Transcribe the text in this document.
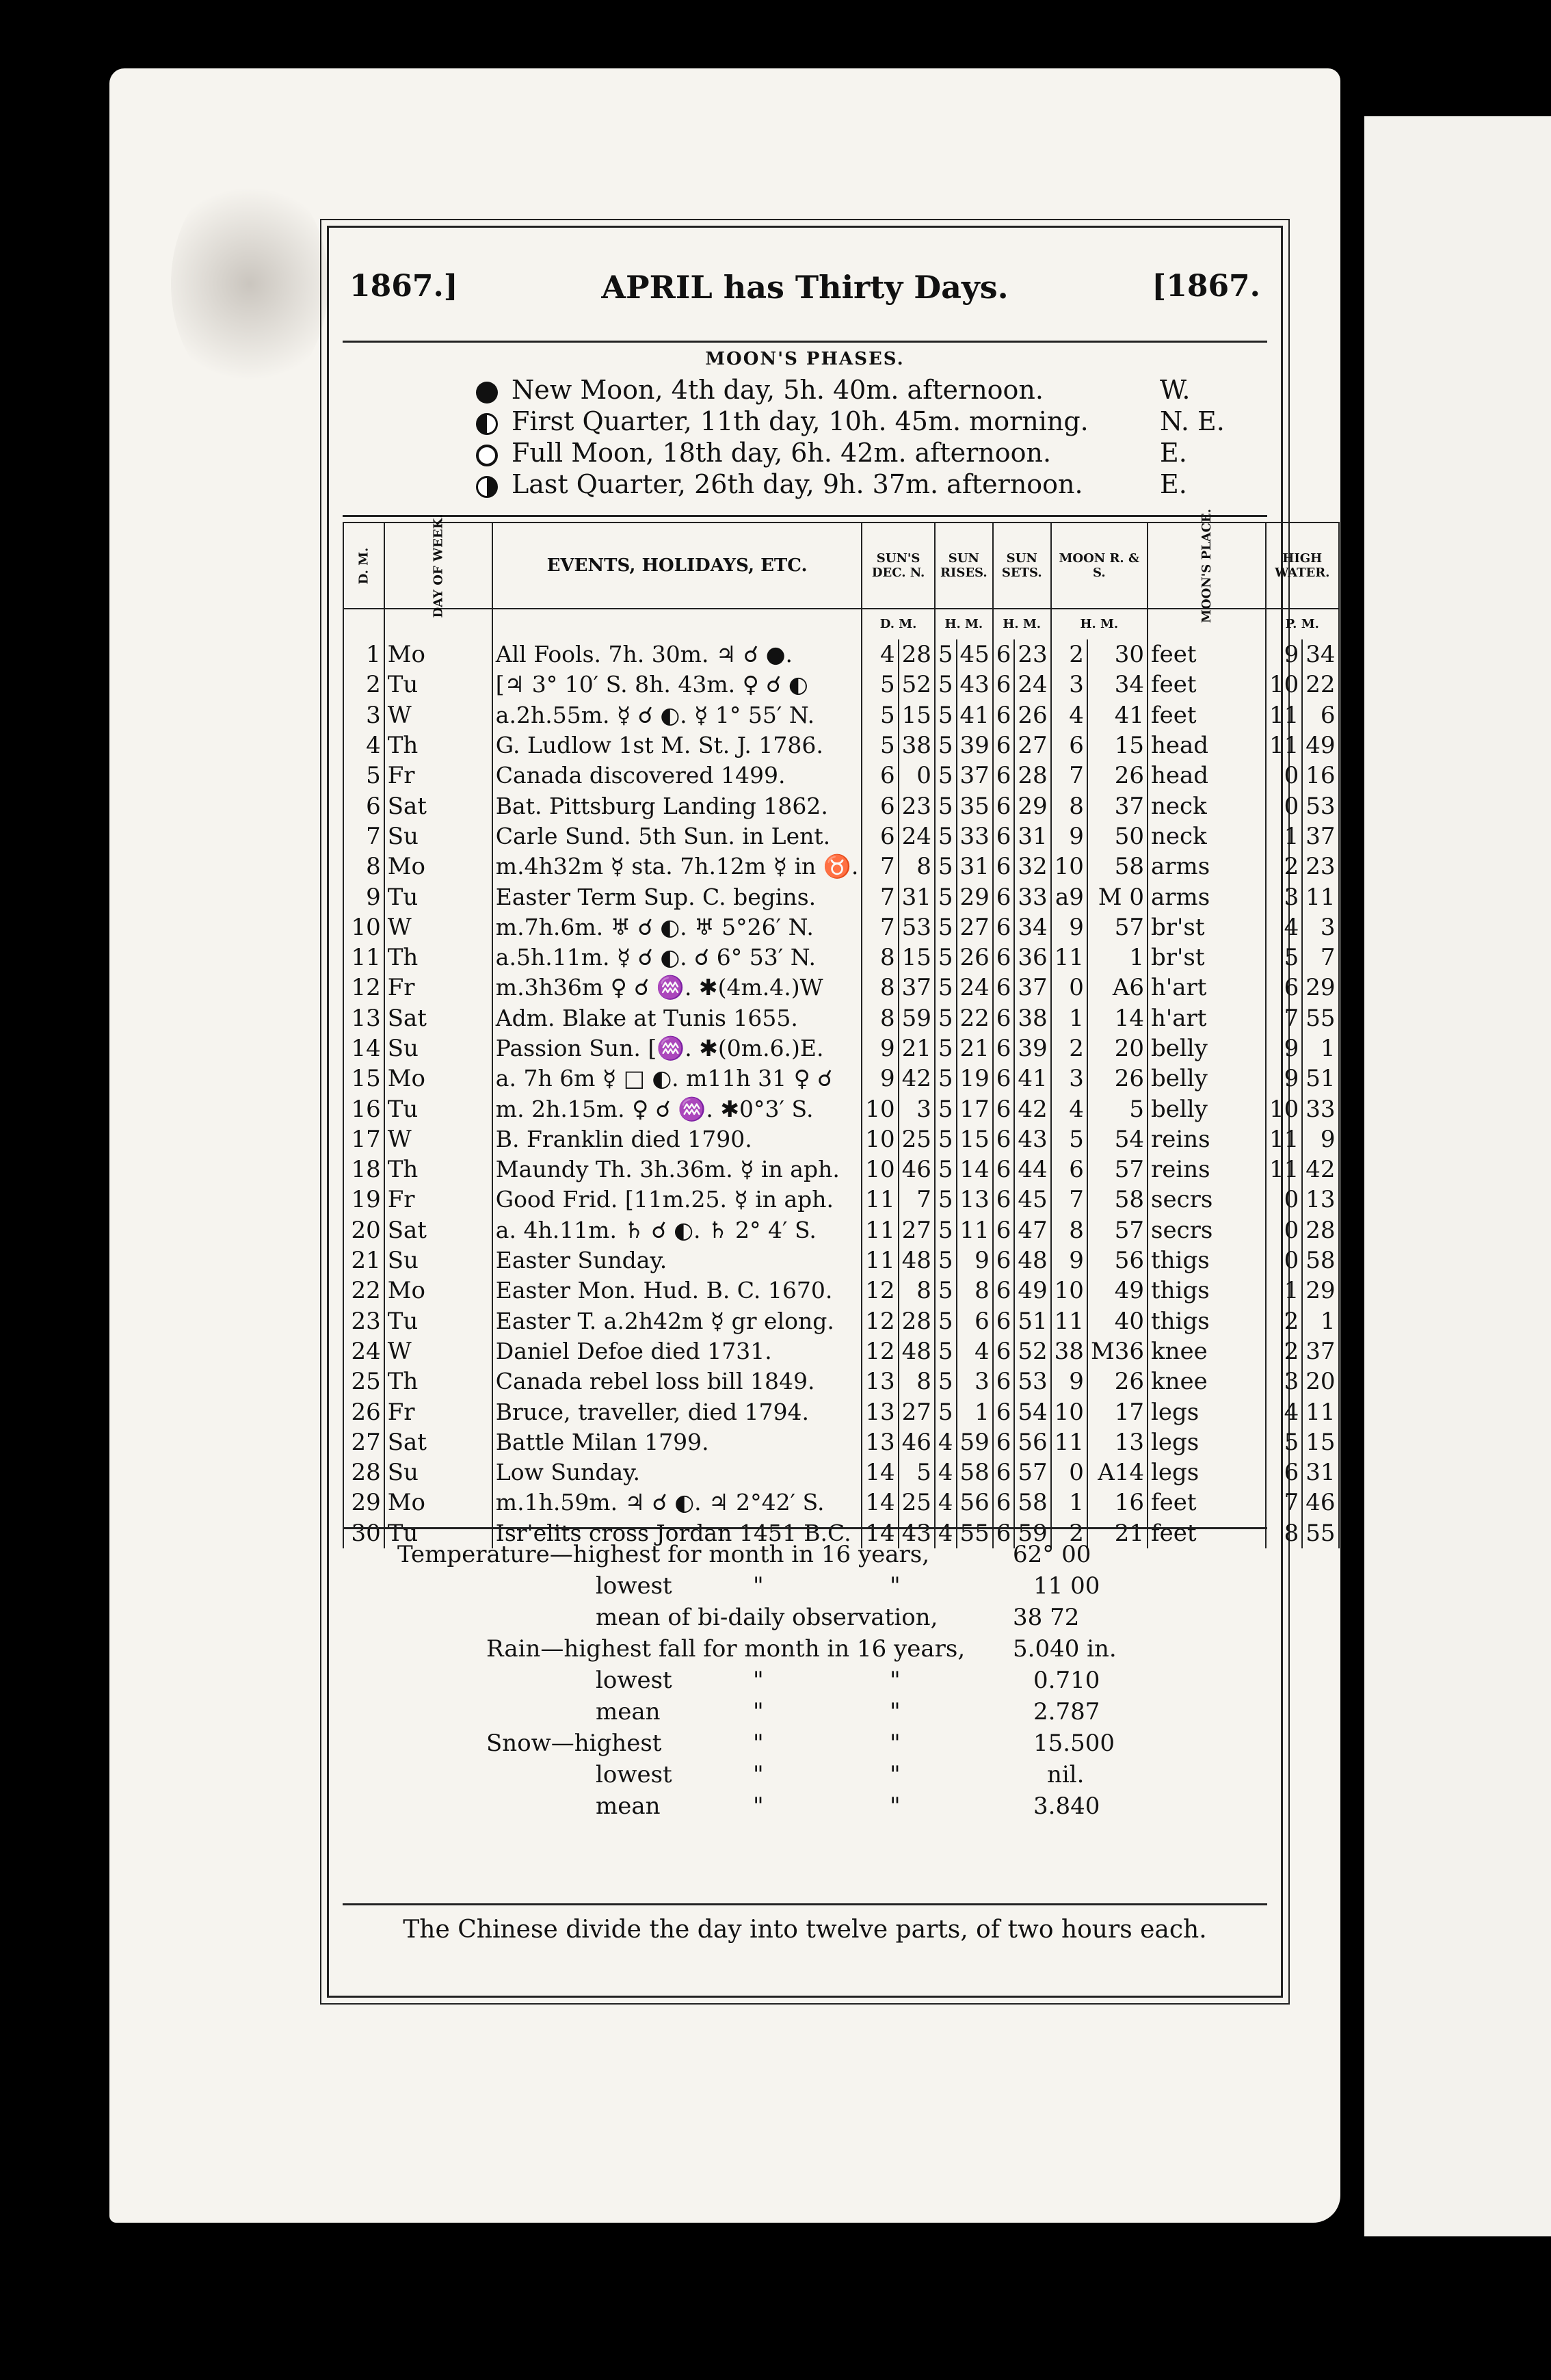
1867.]	APRIL has Thirty Days.	[1867.
MOON'S PHASES.
New Moon, 4th day, 5h. 40m. afternoon.	W.
First Quarter, 11th day, 10h. 45m. morning.	N. E.
Full Moon, 18th day, 6h. 42m. afternoon.	E.
Last Quarter, 26th day, 9h. 37m. afternoon.	E.
D. M.	DAY OF WEEK.	EVENTS, HOLIDAYS, ETC.	SUN'S DEC. N.		SUN RISES.		SUN SETS.		MOON R. & S.		MOON'S PLACE.	HIGH WATER.	
			D. M.		H. M.		H. M.		H. M.			P. M.	
1	Mo	All Fools. 7h. 30m. ♃ ☌ ●.	4	28	5	45	6	23	2	30	feet	9	34
2	Tu	[♃ 3° 10′ S. 8h. 43m. ♀ ☌ ◐	5	52	5	43	6	24	3	34	feet	10	22
3	W	a.2h.55m. ☿ ☌ ◐. ☿ 1° 55′ N.	5	15	5	41	6	26	4	41	feet	11	6
4	Th	G. Ludlow 1st M. St. J. 1786.	5	38	5	39	6	27	6	15	head	11	49
5	Fr	Canada discovered 1499.	6	0	5	37	6	28	7	26	head	0	16
6	Sat	Bat. Pittsburg Landing 1862.	6	23	5	35	6	29	8	37	neck	0	53
7	Su	Carle Sund. 5th Sun. in Lent.	6	24	5	33	6	31	9	50	neck	1	37
8	Mo	m.4h32m ☿ sta. 7h.12m ☿ in ♉.	7	8	5	31	6	32	10	58	arms	2	23
9	Tu	Easter Term Sup. C. begins.	7	31	5	29	6	33	a9	M 0	arms	3	11
10	W	m.7h.6m. ♅ ☌ ◐. ♅ 5°26′ N.	7	53	5	27	6	34	9	57	br'st	4	3
11	Th	a.5h.11m. ☿ ☌ ◐. ☌ 6° 53′ N.	8	15	5	26	6	36	11	1	br'st	5	7
12	Fr	m.3h36m ♀ ☌ ♒. ✱(4m.4.)W	8	37	5	24	6	37	0	A6	h'art	6	29
13	Sat	Adm. Blake at Tunis 1655.	8	59	5	22	6	38	1	14	h'art	7	55
14	Su	Passion Sun. [♒. ✱(0m.6.)E.	9	21	5	21	6	39	2	20	belly	9	1
15	Mo	a. 7h 6m ☿ □ ◐. m11h 31 ♀ ☌	9	42	5	19	6	41	3	26	belly	9	51
16	Tu	m. 2h.15m. ♀ ☌ ♒. ✱0°3′ S.	10	3	5	17	6	42	4	5	belly	10	33
17	W	B. Franklin died 1790.	10	25	5	15	6	43	5	54	reins	11	9
18	Th	Maundy Th. 3h.36m. ☿ in aph.	10	46	5	14	6	44	6	57	reins	11	42
19	Fr	Good Frid. [11m.25. ☿ in aph.	11	7	5	13	6	45	7	58	secrs	0	13
20	Sat	a. 4h.11m. ♄ ☌ ◐. ♄ 2° 4′ S.	11	27	5	11	6	47	8	57	secrs	0	28
21	Su	Easter Sunday.	11	48	5	9	6	48	9	56	thigs	0	58
22	Mo	Easter Mon. Hud. B. C. 1670.	12	8	5	8	6	49	10	49	thigs	1	29
23	Tu	Easter T. a.2h42m ☿ gr elong.	12	28	5	6	6	51	11	40	thigs	2	1
24	W	Daniel Defoe died 1731.	12	48	5	4	6	52	38	M36	knee	2	37
25	Th	Canada rebel loss bill 1849.	13	8	5	3	6	53	9	26	knee	3	20
26	Fr	Bruce, traveller, died 1794.	13	27	5	1	6	54	10	17	legs	4	11
27	Sat	Battle Milan 1799.	13	46	4	59	6	56	11	13	legs	5	15
28	Su	Low Sunday.	14	5	4	58	6	57	0	A14	legs	6	31
29	Mo	m.1h.59m. ♃ ☌ ◐. ♃ 2°42′ S.	14	25	4	56	6	58	1	16	feet	7	46
30	Tu	Isr'elits cross Jordan 1451 B.C.	14	43	4	55	6	59	2	21	feet	8	55
Temperature—highest for month in 16 years,	62° 00
lowest	"	"	11 00
mean of bi-daily observation,	38 72
Rain—highest fall for month in 16 years, 5.040 in.
lowest	"	"	0.710
mean	"	"	2.787
Snow—highest	"	"	15.500
lowest	"	"	nil.
mean	"	"	3.840
The Chinese divide the day into twelve parts, of two hours each.
